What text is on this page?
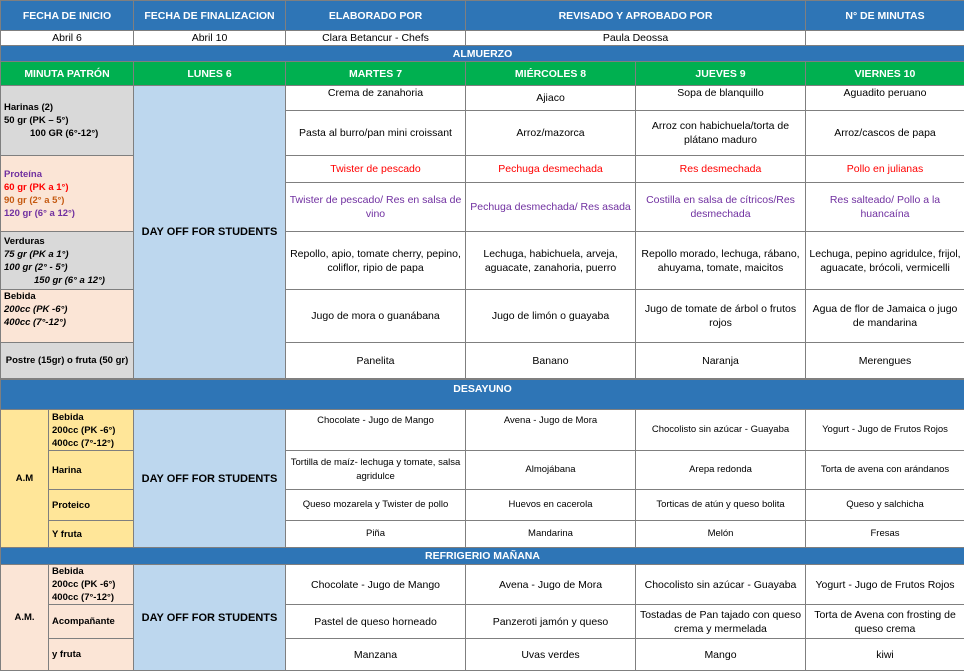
FECHA DE INICIO	FECHA DE FINALIZACION	ELABORADO POR	REVISADO Y APROBADO POR		N° DE MINUTAS
Abril 6	Abril 10	Clara Betancur - Chefs	Paula Deossa		
ALMUERZO					
MINUTA PATRÓN	LUNES 6	MARTES 7	MIÉRCOLES 8	JUEVES 9	VIERNES 10

Harinas (2)
50 gr (PK – 5°)
100 GR (6°-12°)	DAY OFF FOR STUDENTS	Crema de zanahoria	Ajiaco	Sopa de blanquillo	Aguadito peruano
		Pasta al burro/pan mini croissant	Arroz/mazorca	Arroz con habichuela/torta de plátano maduro	Arroz/cascos de papa

Proteína
60 gr (PK a 1°)
90 gr (2° a 5°)
120 gr (6° a 12°)		Twister de pescado	Pechuga desmechada	Res desmechada	Pollo en julianas
		Twister de pescado/ Res en salsa de vino	Pechuga desmechada/ Res asada	Costilla en salsa de cítricos/Res desmechada	Res salteado/ Pollo a la huancaína

Verduras
75 gr (PK a 1°)
100 gr (2° - 5°)
150 gr (6° a 12°)		Repollo, apio, tomate cherry, pepino, coliflor, ripio de papa	Lechuga, habichuela, arveja, aguacate, zanahoria, puerro	Repollo morado, lechuga, rábano, ahuyama, tomate, maicitos	Lechuga, pepino agridulce, frijol, aguacate, brócoli, vermicelli

Bebida
200cc (PK -6°)
400cc (7°-12°)		Jugo de mora o guanábana	Jugo de limón o guayaba	Jugo de tomate de árbol o frutos rojos	Agua de flor de Jamaica o jugo de mandarina
Postre (15gr) o fruta (50 gr)		Panelita	Banano	Naranja	Merengues
DESAYUNO						
A.M	Bebida
200cc (PK -6°)
400cc (7°-12°)	DAY OFF FOR STUDENTS	Chocolate - Jugo de Mango	Avena - Jugo de Mora	Chocolisto sin azúcar - Guayaba	Yogurt - Jugo de Frutos Rojos
	Harina		Tortilla de maíz- lechuga y tomate, salsa agridulce	Almojábana	Arepa redonda	Torta de avena con arándanos
	Proteico		Queso mozarela y Twister de pollo	Huevos en cacerola	Torticas de atún y queso bolita	Queso y salchicha
	Y fruta		Piña	Mandarina	Melón	Fresas
REFRIGERIO MAÑANA						
A.M.	Bebida
200cc (PK -6°)
400cc (7°-12°)	DAY OFF FOR STUDENTS	Chocolate - Jugo de Mango	Avena - Jugo de Mora	Chocolisto sin azúcar - Guayaba	Yogurt - Jugo de Frutos Rojos
	Acompañante		Pastel de queso horneado	Panzeroti jamón y queso	Tostadas de Pan tajado con queso crema y mermelada	Torta de Avena con frosting de queso crema
	y fruta		Manzana	Uvas verdes	Mango	kiwi
